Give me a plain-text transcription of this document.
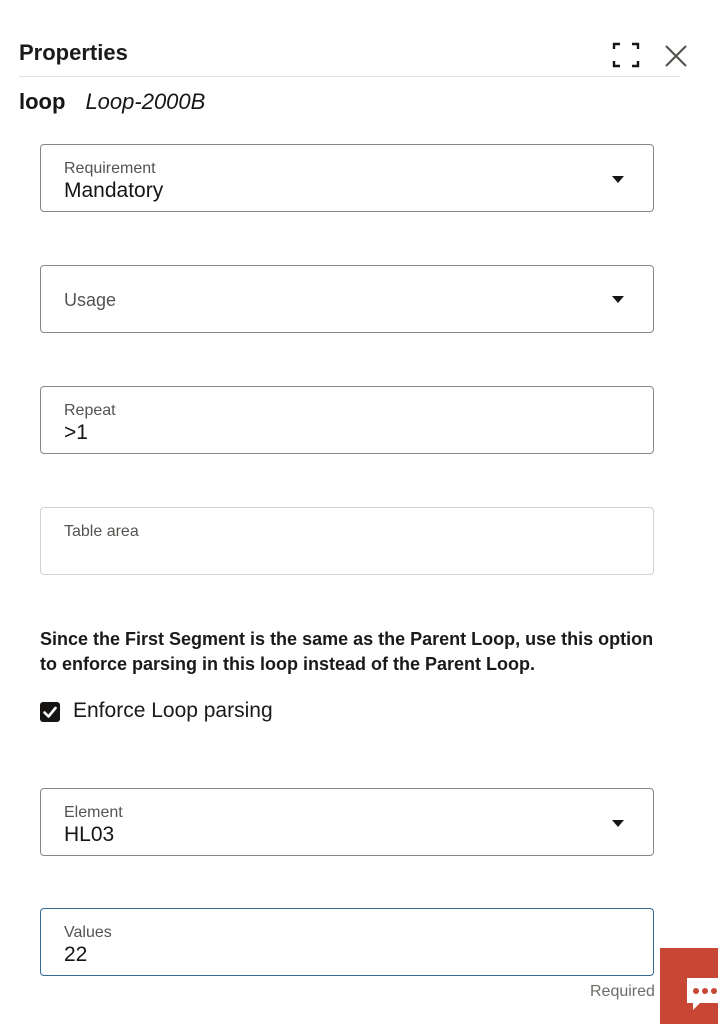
Properties
loop Loop-2000B
Requirement
Mandatory
Usage
Repeat
>1
Table area
Since the First Segment is the same as the Parent Loop, use this option to enforce parsing in this loop instead of the Parent Loop.
Enforce Loop parsing
Element
HL03
Values
22
Required
